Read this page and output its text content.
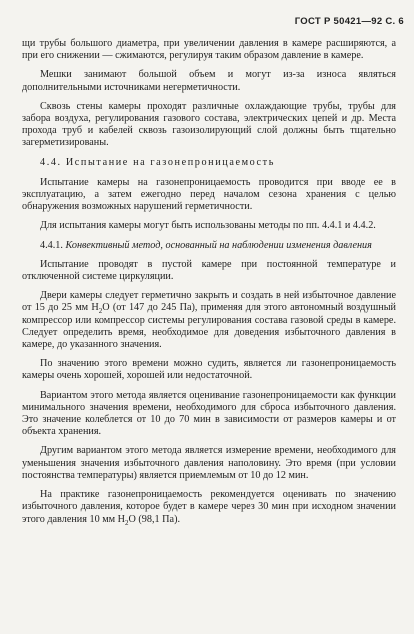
ГОСТ Р 50421—92 С. 6

щи трубы большого диаметра, при увеличении давления в камере расширяются, а при его снижении — сжимаются, регулируя таким образом давление в камере.

Мешки занимают большой объем и могут из-за износа являться дополнительными источниками негерметичности.

Сквозь стены камеры проходят различные охлаждающие трубы, трубы для забора воздуха, регулирования газового состава, электрических цепей и др. Места прохода труб и кабелей сквозь газоизолирующий слой должны быть тщательно загерметизированы.

4.4. Испытание на газонепроницаемость

Испытание камеры на газонепроницаемость проводится при вводе ее в эксплуатацию, а затем ежегодно перед началом сезона хранения с целью обнаружения возможных нарушений герметичности.

Для испытания камеры могут быть использованы методы по пп. 4.4.1 и 4.4.2.

4.4.1. Конвективный метод, основанный на наблюдении изменения давления

Испытание проводят в пустой камере при постоянной температуре и отключенной системе циркуляции.

Двери камеры следует герметично закрыть и создать в ней избыточное давление от 15 до 25 мм $H_2O$ (от 147 до 245 Па), применяя для этого автономный воздушный компрессор или компрессор системы регулирования состава газовой среды в камере. Следует определить время, необходимое для доведения избыточного давления в камере, до указанного значения.

По значению этого времени можно судить, является ли газонепроницаемость камеры очень хорошей, хорошей или недостаточной.

Вариантом этого метода является оценивание газонепроницаемости как функции минимального значения времени, необходимого для сброса избыточного давления. Это значение колеблется от 10 до 70 мин в зависимости от размеров камеры и от объекта хранения.

Другим вариантом этого метода является измерение времени, необходимого для уменьшения значения избыточного давления наполовину. Это время (при условии постоянства температуры) является приемлемым от 10 до 12 мин.

На практике газонепроницаемость рекомендуется оценивать по значению избыточного давления, которое будет в камере через 30 мин при исходном значении этого давления 10 мм $H_2O$ (98,1 Па).
